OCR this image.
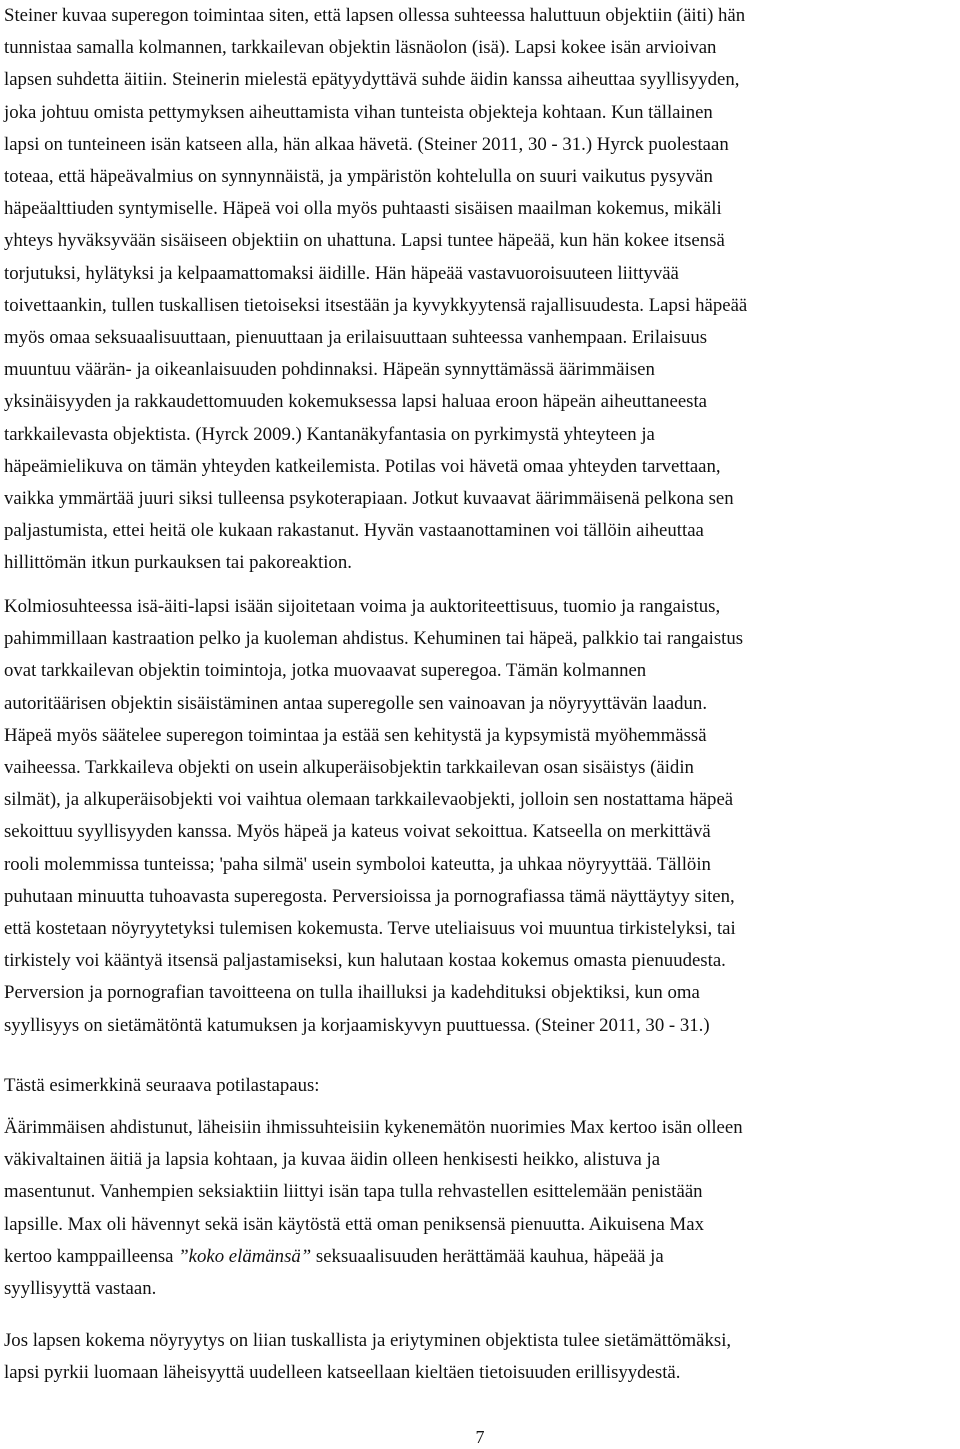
Steiner kuvaa superegon toimintaa siten, että lapsen ollessa suhteessa haluttuun objektiin (äiti) hän
tunnistaa samalla kolmannen, tarkkailevan objektin läsnäolon (isä). Lapsi kokee isän arvioivan
lapsen suhdetta äitiin. Steinerin mielestä epätyydyttävä suhde äidin kanssa aiheuttaa syyllisyyden,
joka johtuu omista pettymyksen aiheuttamista vihan tunteista objekteja kohtaan. Kun tällainen
lapsi on tunteineen isän katseen alla, hän alkaa hävetä. (Steiner 2011, 30 - 31.) Hyrck puolestaan
toteaa, että häpeävalmius on synnynnäistä, ja ympäristön kohtelulla on suuri vaikutus pysyvän
häpeäalttiuden syntymiselle. Häpeä voi olla myös puhtaasti sisäisen maailman kokemus, mikäli
yhteys hyväksyvään sisäiseen objektiin on uhattuna. Lapsi tuntee häpeää, kun hän kokee itsensä
torjutuksi, hylätyksi ja kelpaamattomaksi äidille. Hän häpeää vastavuoroisuuteen liittyvää
toivettaankin, tullen tuskallisen tietoiseksi itsestään ja kyvykkyytensä rajallisuudesta. Lapsi häpeää
myös omaa seksuaalisuuttaan, pienuuttaan ja erilaisuuttaan suhteessa vanhempaan. Erilaisuus
muuntuu väärän- ja oikeanlaisuuden pohdinnaksi. Häpeän synnyttämässä äärimmäisen
yksinäisyyden ja rakkaudettomuuden kokemuksessa lapsi haluaa eroon häpeän aiheuttaneesta
tarkkailevasta objektista. (Hyrck 2009.) Kantanäkyfantasia on pyrkimystä yhteyteen ja
häpeämielikuva on tämän yhteyden katkeilemista. Potilas voi hävetä omaa yhteyden tarvettaan,
vaikka ymmärtää juuri siksi tulleensa psykoterapiaan. Jotkut kuvaavat äärimmäisenä pelkona sen
paljastumista, ettei heitä ole kukaan rakastanut. Hyvän vastaanottaminen voi tällöin aiheuttaa
hillittömän itkun purkauksen tai pakoreaktion.

Kolmiosuhteessa isä-äiti-lapsi isään sijoitetaan voima ja auktoriteettisuus, tuomio ja rangaistus,
pahimmillaan kastraation pelko ja kuoleman ahdistus. Kehuminen tai häpeä, palkkio tai rangaistus
ovat tarkkailevan objektin toimintoja, jotka muovaavat superegoa. Tämän kolmannen
autoritäärisen objektin sisäistäminen antaa superegolle sen vainoavan ja nöyryyttävän laadun.
Häpeä myös säätelee superegon toimintaa ja estää sen kehitystä ja kypsymistä myöhemmässä
vaiheessa. Tarkkaileva objekti on usein alkuperäisobjektin tarkkailevan osan sisäistys (äidin
silmät), ja alkuperäisobjekti voi vaihtua olemaan tarkkailevaobjekti, jolloin sen nostattama häpeä
sekoittuu syyllisyyden kanssa. Myös häpeä ja kateus voivat sekoittua. Katseella on merkittävä
rooli molemmissa tunteissa; 'paha silmä' usein symboloi kateutta, ja uhkaa nöyryyttää. Tällöin
puhutaan minuutta tuhoavasta superegosta. Perversioissa ja pornografiassa tämä näyttäytyy siten,
että kostetaan nöyryytetyksi tulemisen kokemusta. Terve uteliaisuus voi muuntua tirkistelyksi, tai
tirkistely voi kääntyä itsensä paljastamiseksi, kun halutaan kostaa kokemus omasta pienuudesta.
Perversion ja pornografian tavoitteena on tulla ihailluksi ja kadehdituksi objektiksi, kun oma
syyllisyys on sietämätöntä katumuksen ja korjaamiskyvyn puuttuessa. (Steiner 2011, 30 - 31.)

Tästä esimerkkinä seuraava potilastapaus:

Äärimmäisen ahdistunut, läheisiin ihmissuhteisiin kykenemätön nuorimies Max kertoo isän olleen
väkivaltainen äitiä ja lapsia kohtaan, ja kuvaa äidin olleen henkisesti heikko, alistuva ja
masentunut. Vanhempien seksiaktiin liittyi isän tapa tulla rehvastellen esittelemään penistään
lapsille. Max oli hävennyt sekä isän käytöstä että oman peniksensä pienuutta. Aikuisena Max
kertoo kamppailleensa ”koko elämänsä” seksuaalisuuden herättämää kauhua, häpeää ja
syyllisyyttä vastaan.

Jos lapsen kokema nöyryytys on liian tuskallista ja eriytyminen objektista tulee sietämättömäksi,
lapsi pyrkii luomaan läheisyyttä uudelleen katseellaan kieltäen tietoisuuden erillisyydestä.

7
